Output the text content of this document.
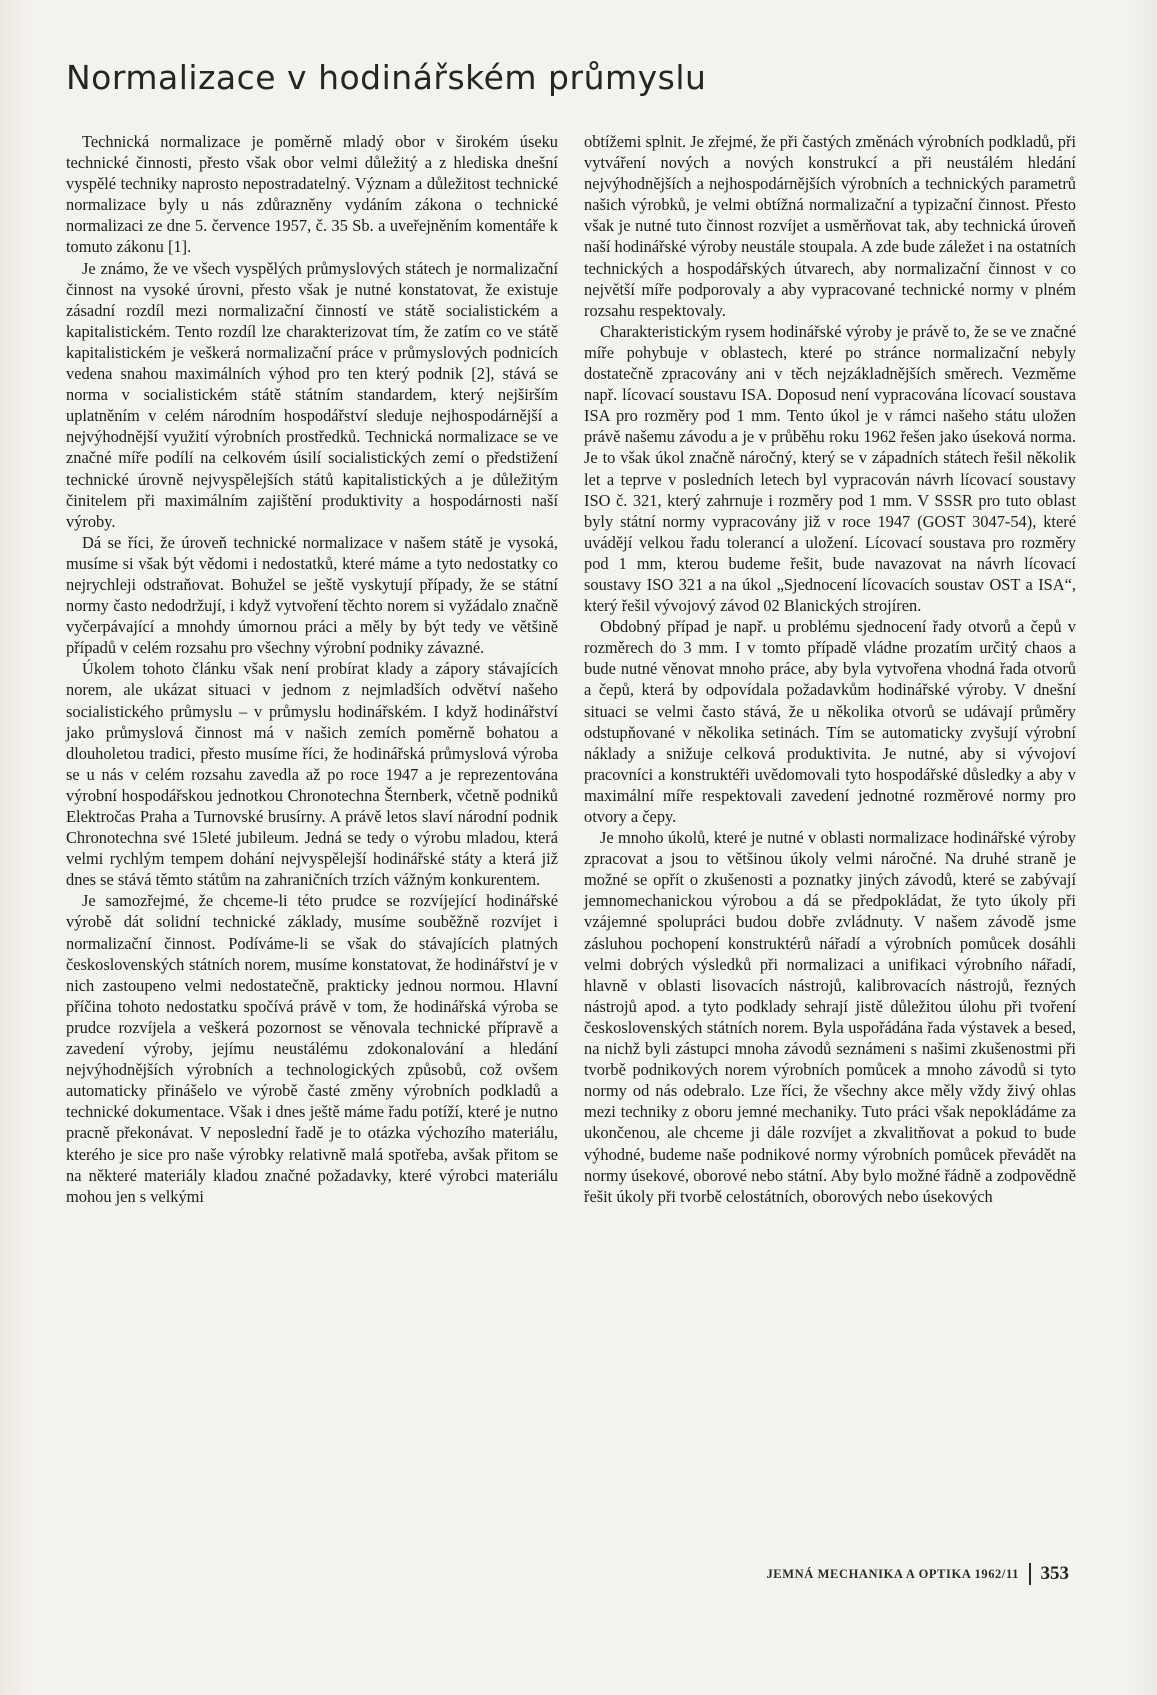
Normalizace v hodinářském průmyslu

Technická normalizace je poměrně mladý obor v širokém úseku technické činnosti, přesto však obor velmi důležitý a z hlediska dnešní vyspělé techniky naprosto nepostradatelný. Význam a důležitost technické normalizace byly u nás zdůrazněny vydáním zákona o technické normalizaci ze dne 5. července 1957, č. 35 Sb. a uveřejněním komentáře k tomuto zákonu [1].

Je známo, že ve všech vyspělých průmyslových státech je normalizační činnost na vysoké úrovni, přesto však je nutné konstatovat, že existuje zásadní rozdíl mezi normalizační činností ve státě socialistickém a kapitalistickém. Tento rozdíl lze charakterizovat tím, že zatím co ve státě kapitalistickém je veškerá normalizační práce v průmyslových podnicích vedena snahou maximálních výhod pro ten který podnik [2], stává se norma v socialistickém státě státním standardem, který nejširším uplatněním v celém národním hospodářství sleduje nejhospodárnější a nejvýhodnější využití výrobních prostředků. Technická normalizace se ve značné míře podílí na celkovém úsilí socialistických zemí o předstižení technické úrovně nejvyspělejších států kapitalistických a je důležitým činitelem při maximálním zajištění produktivity a hospodárnosti naší výroby.

Dá se říci, že úroveň technické normalizace v našem státě je vysoká, musíme si však být vědomi i nedostatků, které máme a tyto nedostatky co nejrychleji odstraňovat. Bohužel se ještě vyskytují případy, že se státní normy často nedodržují, i když vytvoření těchto norem si vyžádalo značně vyčerpávající a mnohdy úmornou práci a měly by být tedy ve většině případů v celém rozsahu pro všechny výrobní podniky závazné.

Úkolem tohoto článku však není probírat klady a zápory stávajících norem, ale ukázat situaci v jednom z nejmladších odvětví našeho socialistického průmyslu – v průmyslu hodinářském. I když hodinářství jako průmyslová činnost má v našich zemích poměrně bohatou a dlouholetou tradici, přesto musíme říci, že hodinářská průmyslová výroba se u nás v celém rozsahu zavedla až po roce 1947 a je reprezentována výrobní hospodářskou jednotkou Chronotechna Šternberk, včetně podniků Elektročas Praha a Turnovské brusírny. A právě letos slaví národní podnik Chronotechna své 15leté jubileum. Jedná se tedy o výrobu mladou, která velmi rychlým tempem dohání nejvyspělejší hodinářské státy a která již dnes se stává těmto státům na zahraničních trzích vážným konkurentem.

Je samozřejmé, že chceme-li této prudce se rozvíjející hodinářské výrobě dát solidní technické základy, musíme souběžně rozvíjet i normalizační činnost. Podíváme-li se však do stávajících platných československých státních norem, musíme konstatovat, že hodinářství je v nich zastoupeno velmi nedostatečně, prakticky jednou normou. Hlavní příčina tohoto nedostatku spočívá právě v tom, že hodinářská výroba se prudce rozvíjela a veškerá pozornost se věnovala technické přípravě a zavedení výroby, jejímu neustálému zdokonalování a hledání nejvýhodnějších výrobních a technologických způsobů, což ovšem automaticky přinášelo ve výrobě časté změny výrobních podkladů a technické dokumentace. Však i dnes ještě máme řadu potíží, které je nutno pracně překonávat. V neposlední řadě je to otázka výchozího materiálu, kterého je sice pro naše výrobky relativně malá spotřeba, avšak přitom se na některé materiály kladou značné požadavky, které výrobci materiálu mohou jen s velkými

obtížemi splnit. Je zřejmé, že při častých změnách výrobních podkladů, při vytváření nových a nových konstrukcí a při neustálém hledání nejvýhodnějších a nejhospodárnějších výrobních a technických parametrů našich výrobků, je velmi obtížná normalizační a typizační činnost. Přesto však je nutné tuto činnost rozvíjet a usměrňovat tak, aby technická úroveň naší hodinářské výroby neustále stoupala. A zde bude záležet i na ostatních technických a hospodářských útvarech, aby normalizační činnost v co největší míře podporovaly a aby vypracované technické normy v plném rozsahu respektovaly.

Charakteristickým rysem hodinářské výroby je právě to, že se ve značné míře pohybuje v oblastech, které po stránce normalizační nebyly dostatečně zpracovány ani v těch nejzákladnějších směrech. Vezměme např. lícovací soustavu ISA. Doposud není vypracována lícovací soustava ISA pro rozměry pod 1 mm. Tento úkol je v rámci našeho státu uložen právě našemu závodu a je v průběhu roku 1962 řešen jako úseková norma. Je to však úkol značně náročný, který se v západních státech řešil několik let a teprve v posledních letech byl vypracován návrh lícovací soustavy ISO č. 321, který zahrnuje i rozměry pod 1 mm. V SSSR pro tuto oblast byly státní normy vypracovány již v roce 1947 (GOST 3047-54), které uvádějí velkou řadu tolerancí a uložení. Lícovací soustava pro rozměry pod 1 mm, kterou budeme řešit, bude navazovat na návrh lícovací soustavy ISO 321 a na úkol „Sjednocení lícovacích soustav OST a ISA“, který řešil vývojový závod 02 Blanických strojíren.

Obdobný případ je např. u problému sjednocení řady otvorů a čepů v rozměrech do 3 mm. I v tomto případě vládne prozatím určitý chaos a bude nutné věnovat mnoho práce, aby byla vytvořena vhodná řada otvorů a čepů, která by odpovídala požadavkům hodinářské výroby. V dnešní situaci se velmi často stává, že u několika otvorů se udávají průměry odstupňované v několika setinách. Tím se automaticky zvyšují výrobní náklady a snižuje celková produktivita. Je nutné, aby si vývojoví pracovníci a konstruktéři uvědomovali tyto hospodářské důsledky a aby v maximální míře respektovali zavedení jednotné rozměrové normy pro otvory a čepy.

Je mnoho úkolů, které je nutné v oblasti normalizace hodinářské výroby zpracovat a jsou to většinou úkoly velmi náročné. Na druhé straně je možné se opřít o zkušenosti a poznatky jiných závodů, které se zabývají jemnomechanickou výrobou a dá se předpokládat, že tyto úkoly při vzájemné spolupráci budou dobře zvládnuty. V našem závodě jsme zásluhou pochopení konstruktérů nářadí a výrobních pomůcek dosáhli velmi dobrých výsledků při normalizaci a unifikaci výrobního nářadí, hlavně v oblasti lisovacích nástrojů, kalibrovacích nástrojů, řezných nástrojů apod. a tyto podklady sehrají jistě důležitou úlohu při tvoření československých státních norem. Byla uspořádána řada výstavek a besed, na nichž byli zástupci mnoha závodů seznámeni s našimi zkušenostmi při tvorbě podnikových norem výrobních pomůcek a mnoho závodů si tyto normy od nás odebralo. Lze říci, že všechny akce měly vždy živý ohlas mezi techniky z oboru jemné mechaniky. Tuto práci však nepokládáme za ukončenou, ale chceme ji dále rozvíjet a zkvalitňovat a pokud to bude výhodné, budeme naše podnikové normy výrobních pomůcek převádět na normy úsekové, oborové nebo státní. Aby bylo možné řádně a zodpovědně řešit úkoly při tvorbě celostátních, oborových nebo úsekových

JEMNÁ MECHANIKA A OPTIKA 1962/11 353
